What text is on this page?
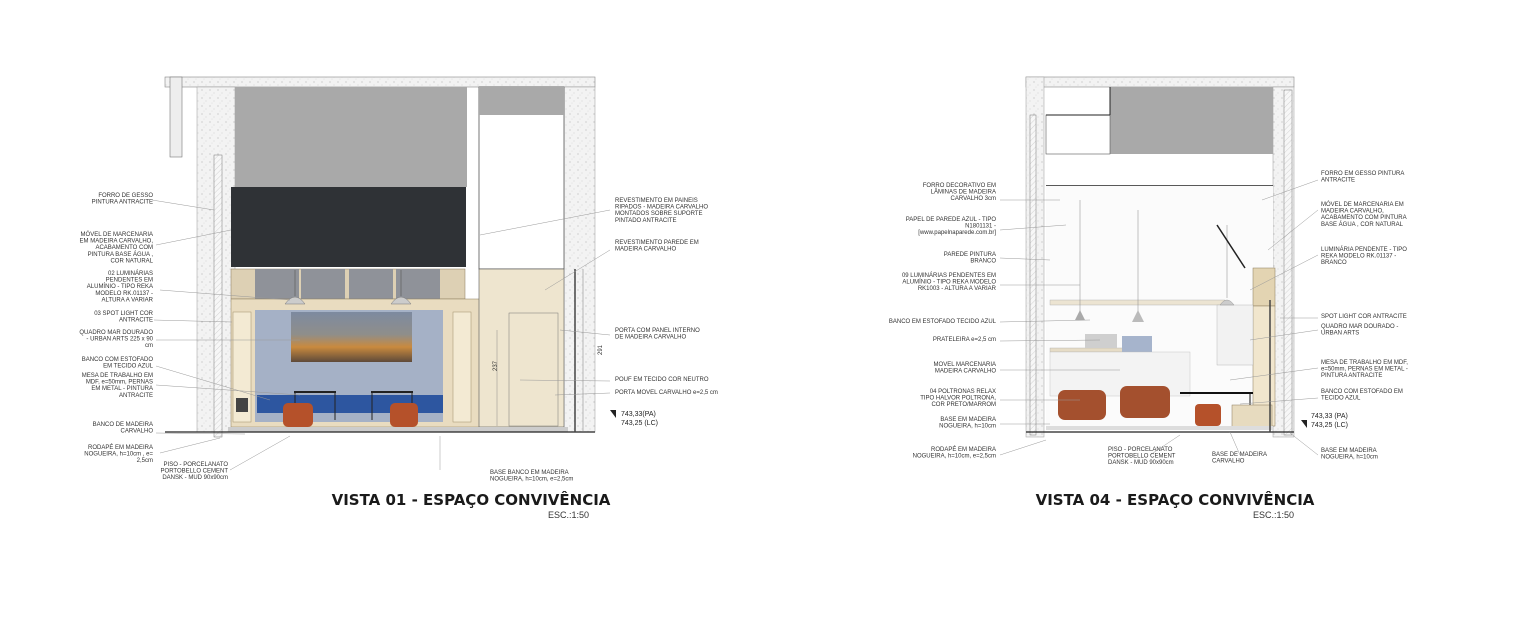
FORRO DE GESSO
PINTURA ANTRACITE
MÓVEL DE MARCENARIA
EM MADEIRA CARVALHO,
ACABAMENTO COM
PINTURA BASE ÁGUA ,
COR NATURAL
02 LUMINÁRIAS
PENDENTES EM
ALUMÍNIO - TIPO REKA
MODELO RK.01137 -
ALTURA A VARIAR
03 SPOT LIGHT COR
ANTRACITE
QUADRO MAR DOURADO
- URBAN ARTS 225 x 90
cm
BANCO COM ESTOFADO
EM TECIDO AZUL
MESA DE TRABALHO EM
MDF, e=50mm, PERNAS
EM METAL - PINTURA
ANTRACITE
BANCO DE MADEIRA
CARVALHO
RODAPÉ EM MADEIRA
NOGUEIRA, h=10cm , e=
2,5cm
REVESTIMENTO EM PAINEIS
RIPADOS - MADEIRA CARVALHO
MONTADOS SOBRE SUPORTE
PINTADO ANTRACITE
REVESTIMENTO PAREDE EM
MADEIRA CARVALHO
PORTA COM PANEL INTERNO
DE MADEIRA CARVALHO
POUF EM TECIDO COR NEUTRO
PORTA MOVEL CARVALHO e=2,5 cm
PISO - PORCELANATO
PORTOBELLO CEMENT
DANSK - MUD 90x90cm
BASE BANCO EM MADEIRA
NOGUEIRA, h=10cm, e=2,5cm
VISTA 01 - ESPAÇO CONVIVÊNCIA
ESC.:1:50
743,33(PA)
743,25 (LC)
237
291
FORRO DECORATIVO EM
LÂMINAS DE MADEIRA
CARVALHO 3cm
PAPEL DE PAREDE AZUL - TIPO
N1801131 -
[www.papelnaparede.com.br]
PAREDE PINTURA
BRANCO
09 LUMINÁRIAS PENDENTES EM
ALUMÍNIO - TIPO REKA MODELO
RK1003 - ALTURA A VARIAR
BANCO EM ESTOFADO TECIDO AZUL
PRATELEIRA e=2,5 cm
MOVEL MARCENARIA
MADEIRA CARVALHO
04 POLTRONAS RELAX
TIPO HALVOR POLTRONA,
COR PRETO/MARROM
BASE EM MADEIRA
NOGUEIRA, h=10cm
RODAPÉ EM MADEIRA
NOGUEIRA, h=10cm, e=2,5cm
FORRO EM GESSO PINTURA
ANTRACITE
MÓVEL DE MARCENARIA EM
MADEIRA CARVALHO,
ACABAMENTO COM PINTURA
BASE ÁGUA , COR NATURAL
LUMINÁRIA PENDENTE - TIPO
REKA MODELO RK.01137 -
BRANCO
SPOT LIGHT COR ANTRACITE
QUADRO MAR DOURADO -
URBAN ARTS
MESA DE TRABALHO EM MDF,
e=50mm, PERNAS EM METAL -
PINTURA ANTRACITE
BANCO COM ESTOFADO EM
TECIDO AZUL
BASE EM MADEIRA
NOGUEIRA, h=10cm
PISO - PORCELANATO
PORTOBELLO CEMENT
DANSK - MUD 90x90cm
BASE DE MADEIRA
CARVALHO
VISTA 04 - ESPAÇO CONVIVÊNCIA
ESC.:1:50
743,33 (PA)
743,25 (LC)
